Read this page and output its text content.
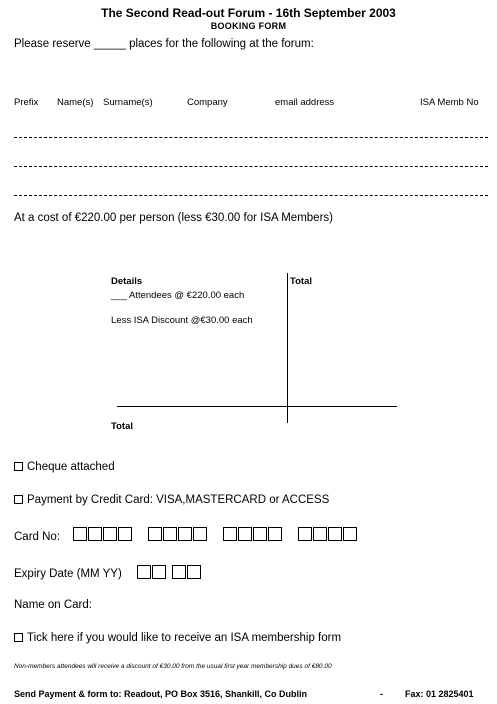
The Second Read-out Forum - 16th September 2003
BOOKING FORM
Please reserve _____ places for the following at the forum:
Prefix Name(s) Surname(s)	Company	email address	ISA Memb No
At a cost of €220.00 per person (less €30.00 for ISA Members)
Details	Total
___ Attendees @ €220.00 each
Less ISA Discount @€30.00 each
Total
Cheque attached
Payment by Credit Card: VISA,MASTERCARD or ACCESS
Card No:
Expiry Date (MM YY)
Name on Card:
Tick here if you would like to receive an ISA membership form
Non-members attendees will receive a discount of €30.00 from the usual first year membership dues of €80.00
Send Payment & form to: Readout, PO Box 3516, Shankill, Co Dublin	- Fax: 01 2825401
